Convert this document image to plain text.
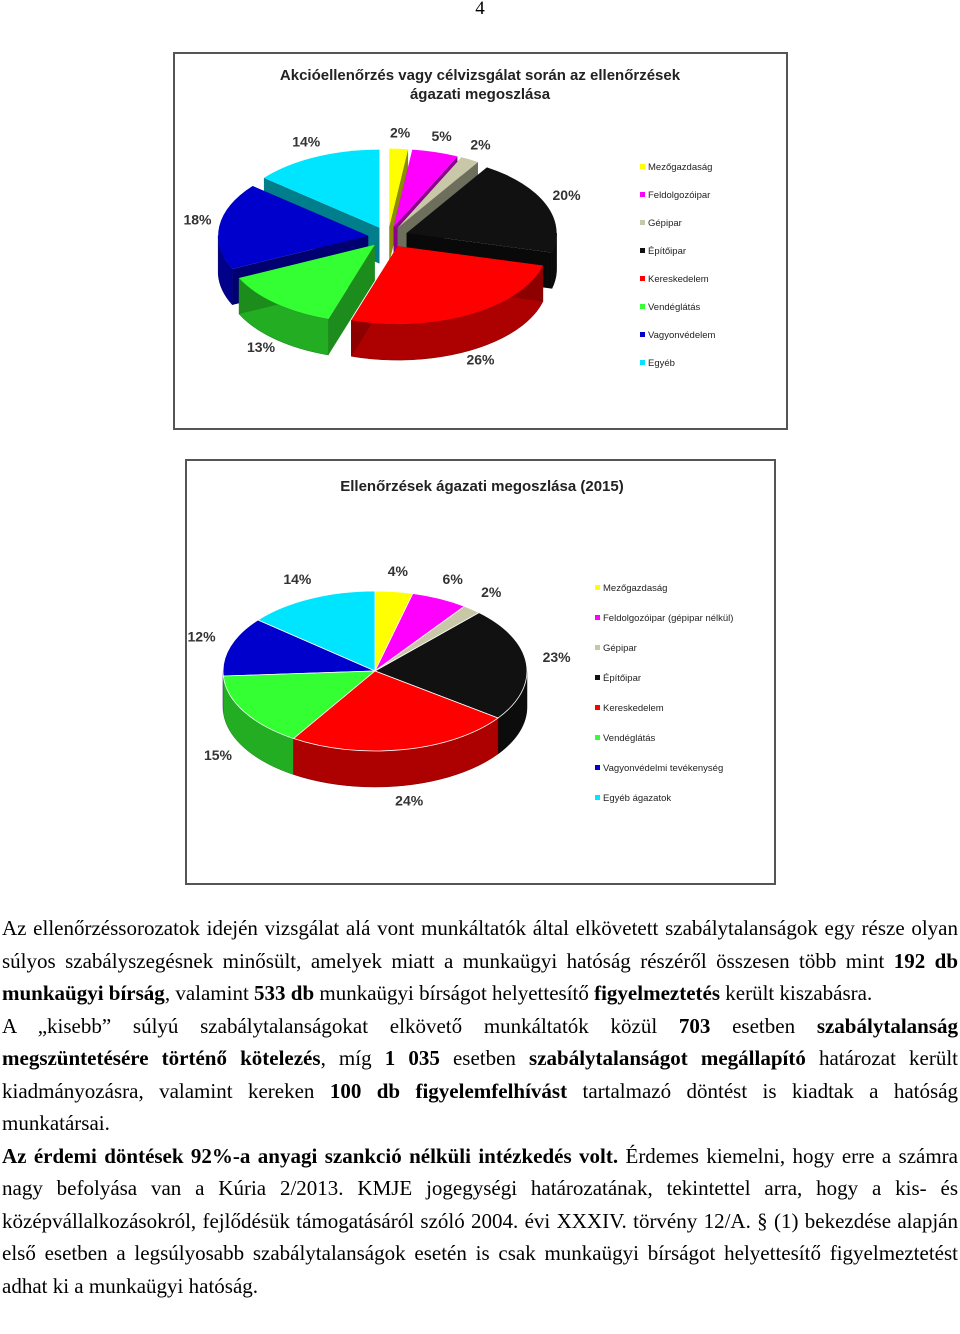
4
Akcióellenőrzés vagy célvizsgálat során az ellenőrzések
ágazati megoszlása
2% 5%
2%
20%
26%
13%
18%
14%
Mezőgazdaság
Feldolgozóipar
Gépipar
Építőipar
Kereskedelem
Vendéglátás
Vagyonvédelem
Egyéb
Ellenőrzések ágazati megoszlása (2015)
4%
6%
2%
23%
24%
15%
12%
14%
Mezőgazdaság
Feldolgozóipar (gépipar nélkül)
Gépipar
Építőipar
Kereskedelem
Vendéglátás
Vagyonvédelmi tevékenység
Egyéb ágazatok

Az ellenőrzéssorozatok idején vizsgálat alá vont munkáltatók által elkövetett szabálytalanságok egy része olyan súlyos szabályszegésnek minősült, amelyek miatt a munkaügyi hatóság részéről összesen több mint 192 db munkaügyi bírság, valamint 533 db munkaügyi bírságot helyettesítő figyelmeztetés került kiszabásra.

A „kisebb” súlyú szabálytalanságokat elkövető munkáltatók közül 703 esetben szabálytalanság megszüntetésére történő kötelezés, míg 1 035 esetben szabálytalanságot megállapító határozat került kiadmányozásra, valamint kereken 100 db figyelemfelhívást tartalmazó döntést is kiadtak a hatóság munkatársai.

Az érdemi döntések 92%-a anyagi szankció nélküli intézkedés volt. Érdemes kiemelni, hogy erre a számra nagy befolyása van a Kúria 2/2013. KMJE jogegységi határozatának, tekintettel arra, hogy a kis- és középvállalkozásokról, fejlődésük támogatásáról szóló 2004. évi XXXIV. törvény 12/A. § (1) bekezdése alapján első esetben a legsúlyosabb szabálytalanságok esetén is csak munkaügyi bírságot helyettesítő figyelmeztetést adhat ki a munkaügyi hatóság.
